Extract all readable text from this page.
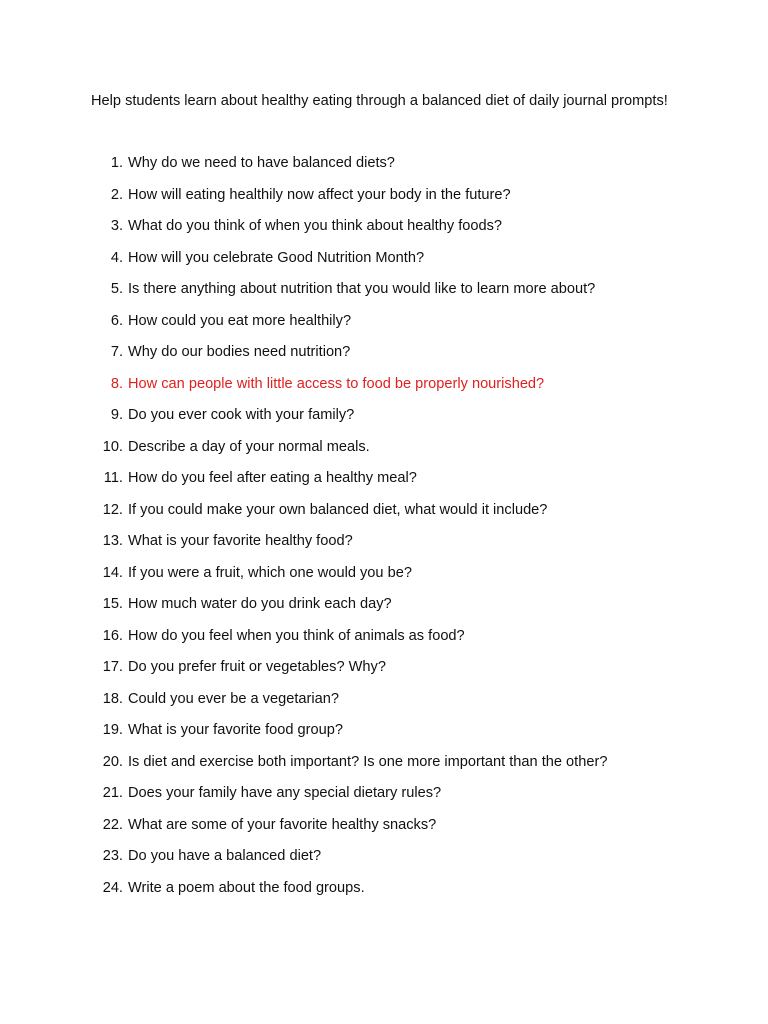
Help students learn about healthy eating through a balanced diet of daily journal prompts!

1. Why do we need to have balanced diets?
2. How will eating healthily now affect your body in the future?
3. What do you think of when you think about healthy foods?
4. How will you celebrate Good Nutrition Month?
5. Is there anything about nutrition that you would like to learn more about?
6. How could you eat more healthily?
7. Why do our bodies need nutrition?
8. How can people with little access to food be properly nourished?
9. Do you ever cook with your family?
10. Describe a day of your normal meals.
11. How do you feel after eating a healthy meal?
12. If you could make your own balanced diet, what would it include?
13. What is your favorite healthy food?
14. If you were a fruit, which one would you be?
15. How much water do you drink each day?
16. How do you feel when you think of animals as food?
17. Do you prefer fruit or vegetables? Why?
18. Could you ever be a vegetarian?
19. What is your favorite food group?
20. Is diet and exercise both important? Is one more important than the other?
21. Does your family have any special dietary rules?
22. What are some of your favorite healthy snacks?
23. Do you have a balanced diet?
24. Write a poem about the food groups.
